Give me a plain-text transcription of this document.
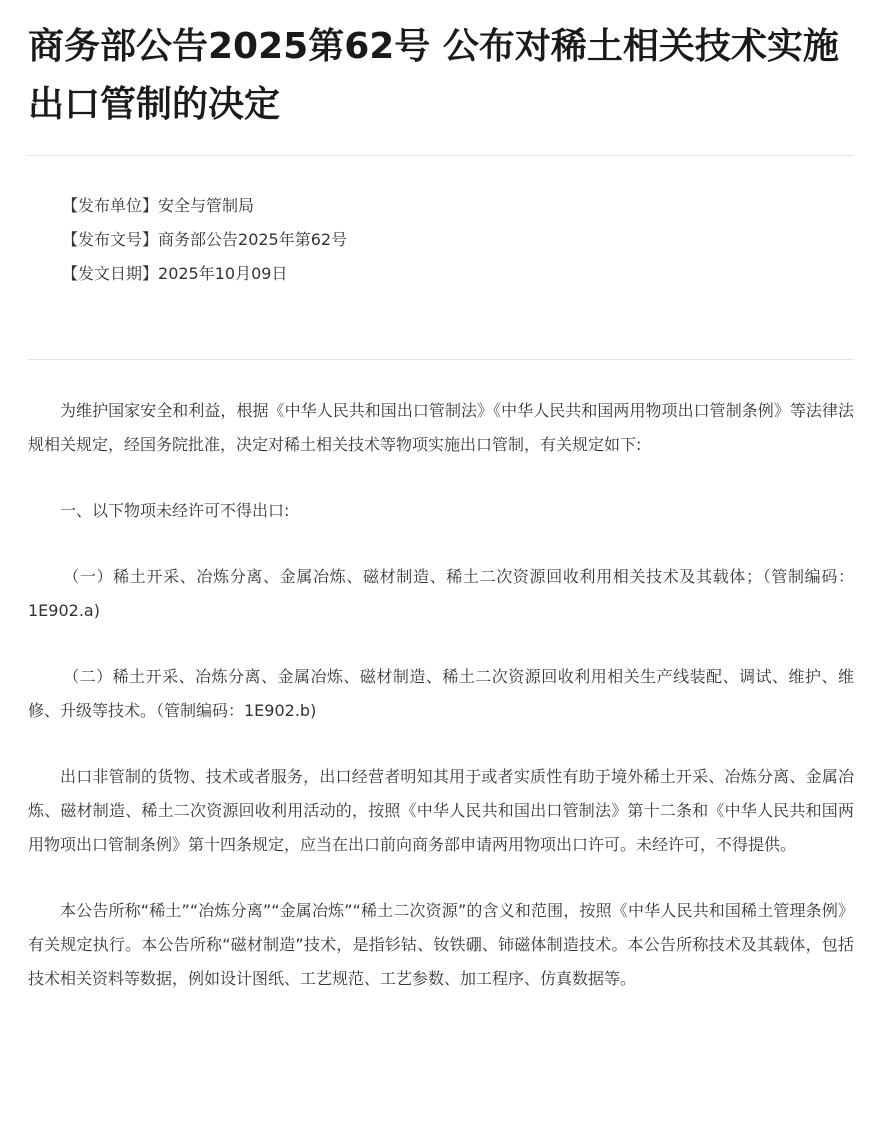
商务部公告2025第62号 公布对稀土相关技术实施出口管制的决定
【发布单位】安全与管制局
【发布文号】商务部公告2025年第62号
【发文日期】2025年10月09日

为维护国家安全和利益，根据《中华人民共和国出口管制法》《中华人民共和国两用物项出口管制条例》等法律法规相关规定，经国务院批准，决定对稀土相关技术等物项实施出口管制，有关规定如下:

一、以下物项未经许可不得出口:

（一）稀土开采、冶炼分离、金属冶炼、磁材制造、稀土二次资源回收利用相关技术及其载体；（管制编码：1E902.a)

（二）稀土开采、冶炼分离、金属冶炼、磁材制造、稀土二次资源回收利用相关生产线装配、调试、维护、维修、升级等技术。（管制编码：1E902.b)

出口非管制的货物、技术或者服务，出口经营者明知其用于或者实质性有助于境外稀土开采、冶炼分离、金属冶炼、磁材制造、稀土二次资源回收利用活动的，按照《中华人民共和国出口管制法》第十二条和《中华人民共和国两用物项出口管制条例》第十四条规定，应当在出口前向商务部申请两用物项出口许可。未经许可，不得提供。

本公告所称“稀土”“冶炼分离”“金属冶炼”“稀土二次资源”的含义和范围，按照《中华人民共和国稀土管理条例》有关规定执行。本公告所称“磁材制造”技术，是指钐钴、钕铁硼、铈磁体制造技术。本公告所称技术及其载体，包括技术相关资料等数据，例如设计图纸、工艺规范、工艺参数、加工程序、仿真数据等。
